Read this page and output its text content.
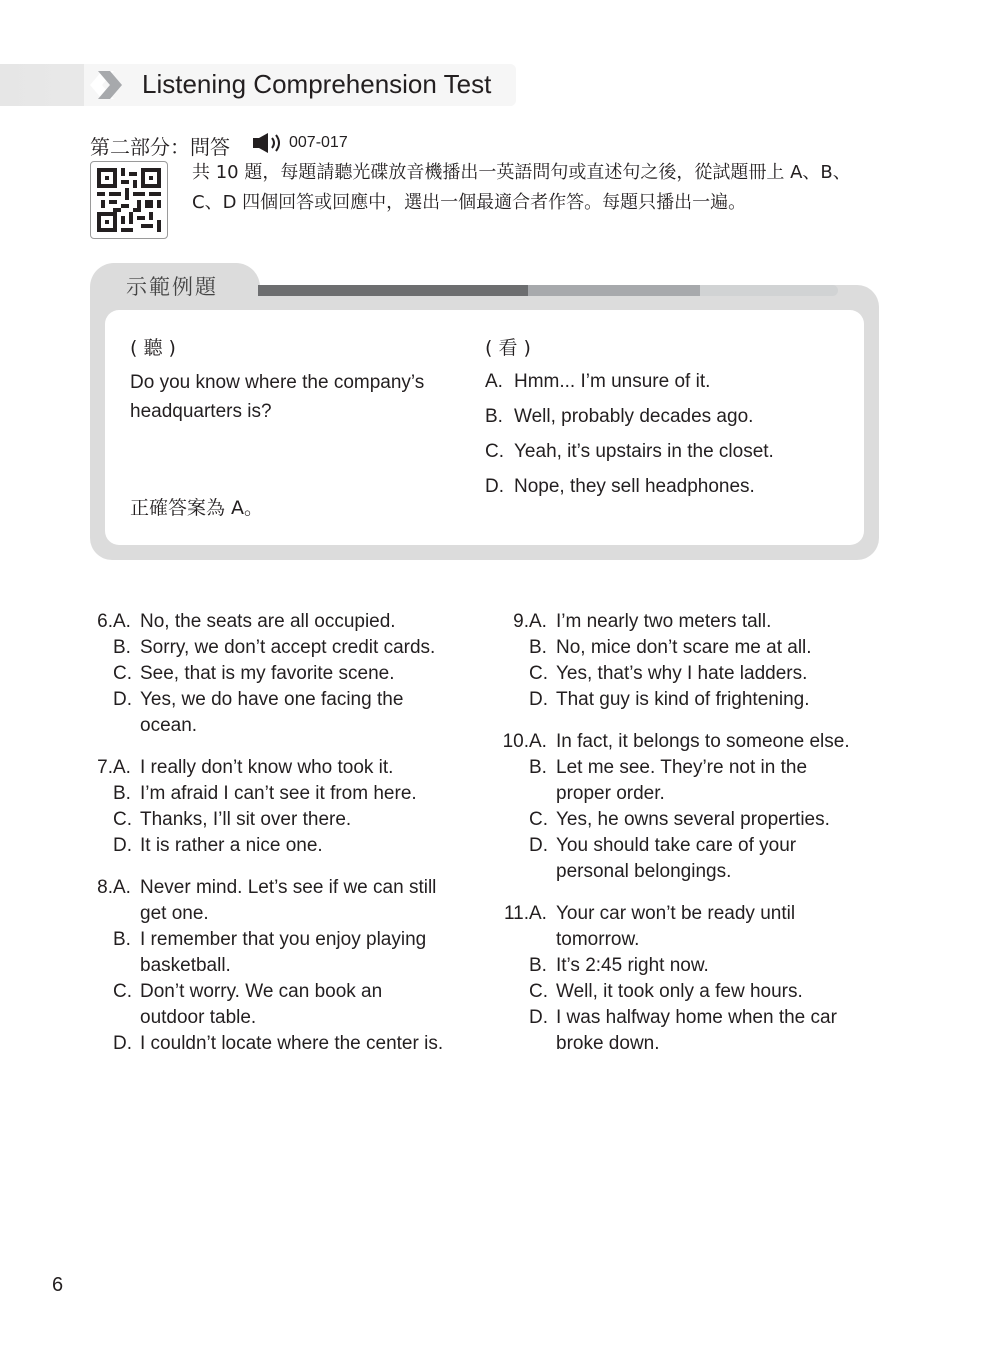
Listening Comprehension Test
第二部分：問答	007-017
共 10 題，每題請聽光碟放音機播出一英語問句或直述句之後，從試題冊上 A、B、
C、D 四個回答或回應中，選出一個最適合者作答。每題只播出一遍。
示範例題
( 聽 )
Do you know where the company’s
headquarters is?
正確答案為 A。
( 看 )
A. Hmm... I’m unsure of it.
B. Well, probably decades ago.
C. Yeah, it’s upstairs in the closet.
D. Nope, they sell headphones.
6. A. No, the seats are all occupied.
B. Sorry, we don’t accept credit cards.
C. See, that is my favorite scene.
D. Yes, we do have one facing the
ocean.
7. A. I really don’t know who took it.
B. I’m afraid I can’t see it from here.
C. Thanks, I’ll sit over there.
D. It is rather a nice one.
8. A. Never mind. Let’s see if we can still
get one.
B. I remember that you enjoy playing
basketball.
C. Don’t worry. We can book an
outdoor table.
D. I couldn’t locate where the center is.
9. A. I’m nearly two meters tall.
B. No, mice don’t scare me at all.
C. Yes, that’s why I hate ladders.
D. That guy is kind of frightening.
10. A. In fact, it belongs to someone else.
B. Let me see. They’re not in the
proper order.
C. Yes, he owns several properties.
D. You should take care of your
personal belongings.
11. A. Your car won’t be ready until
tomorrow.
B. It’s 2:45 right now.
C. Well, it took only a few hours.
D. I was halfway home when the car
broke down.
6
